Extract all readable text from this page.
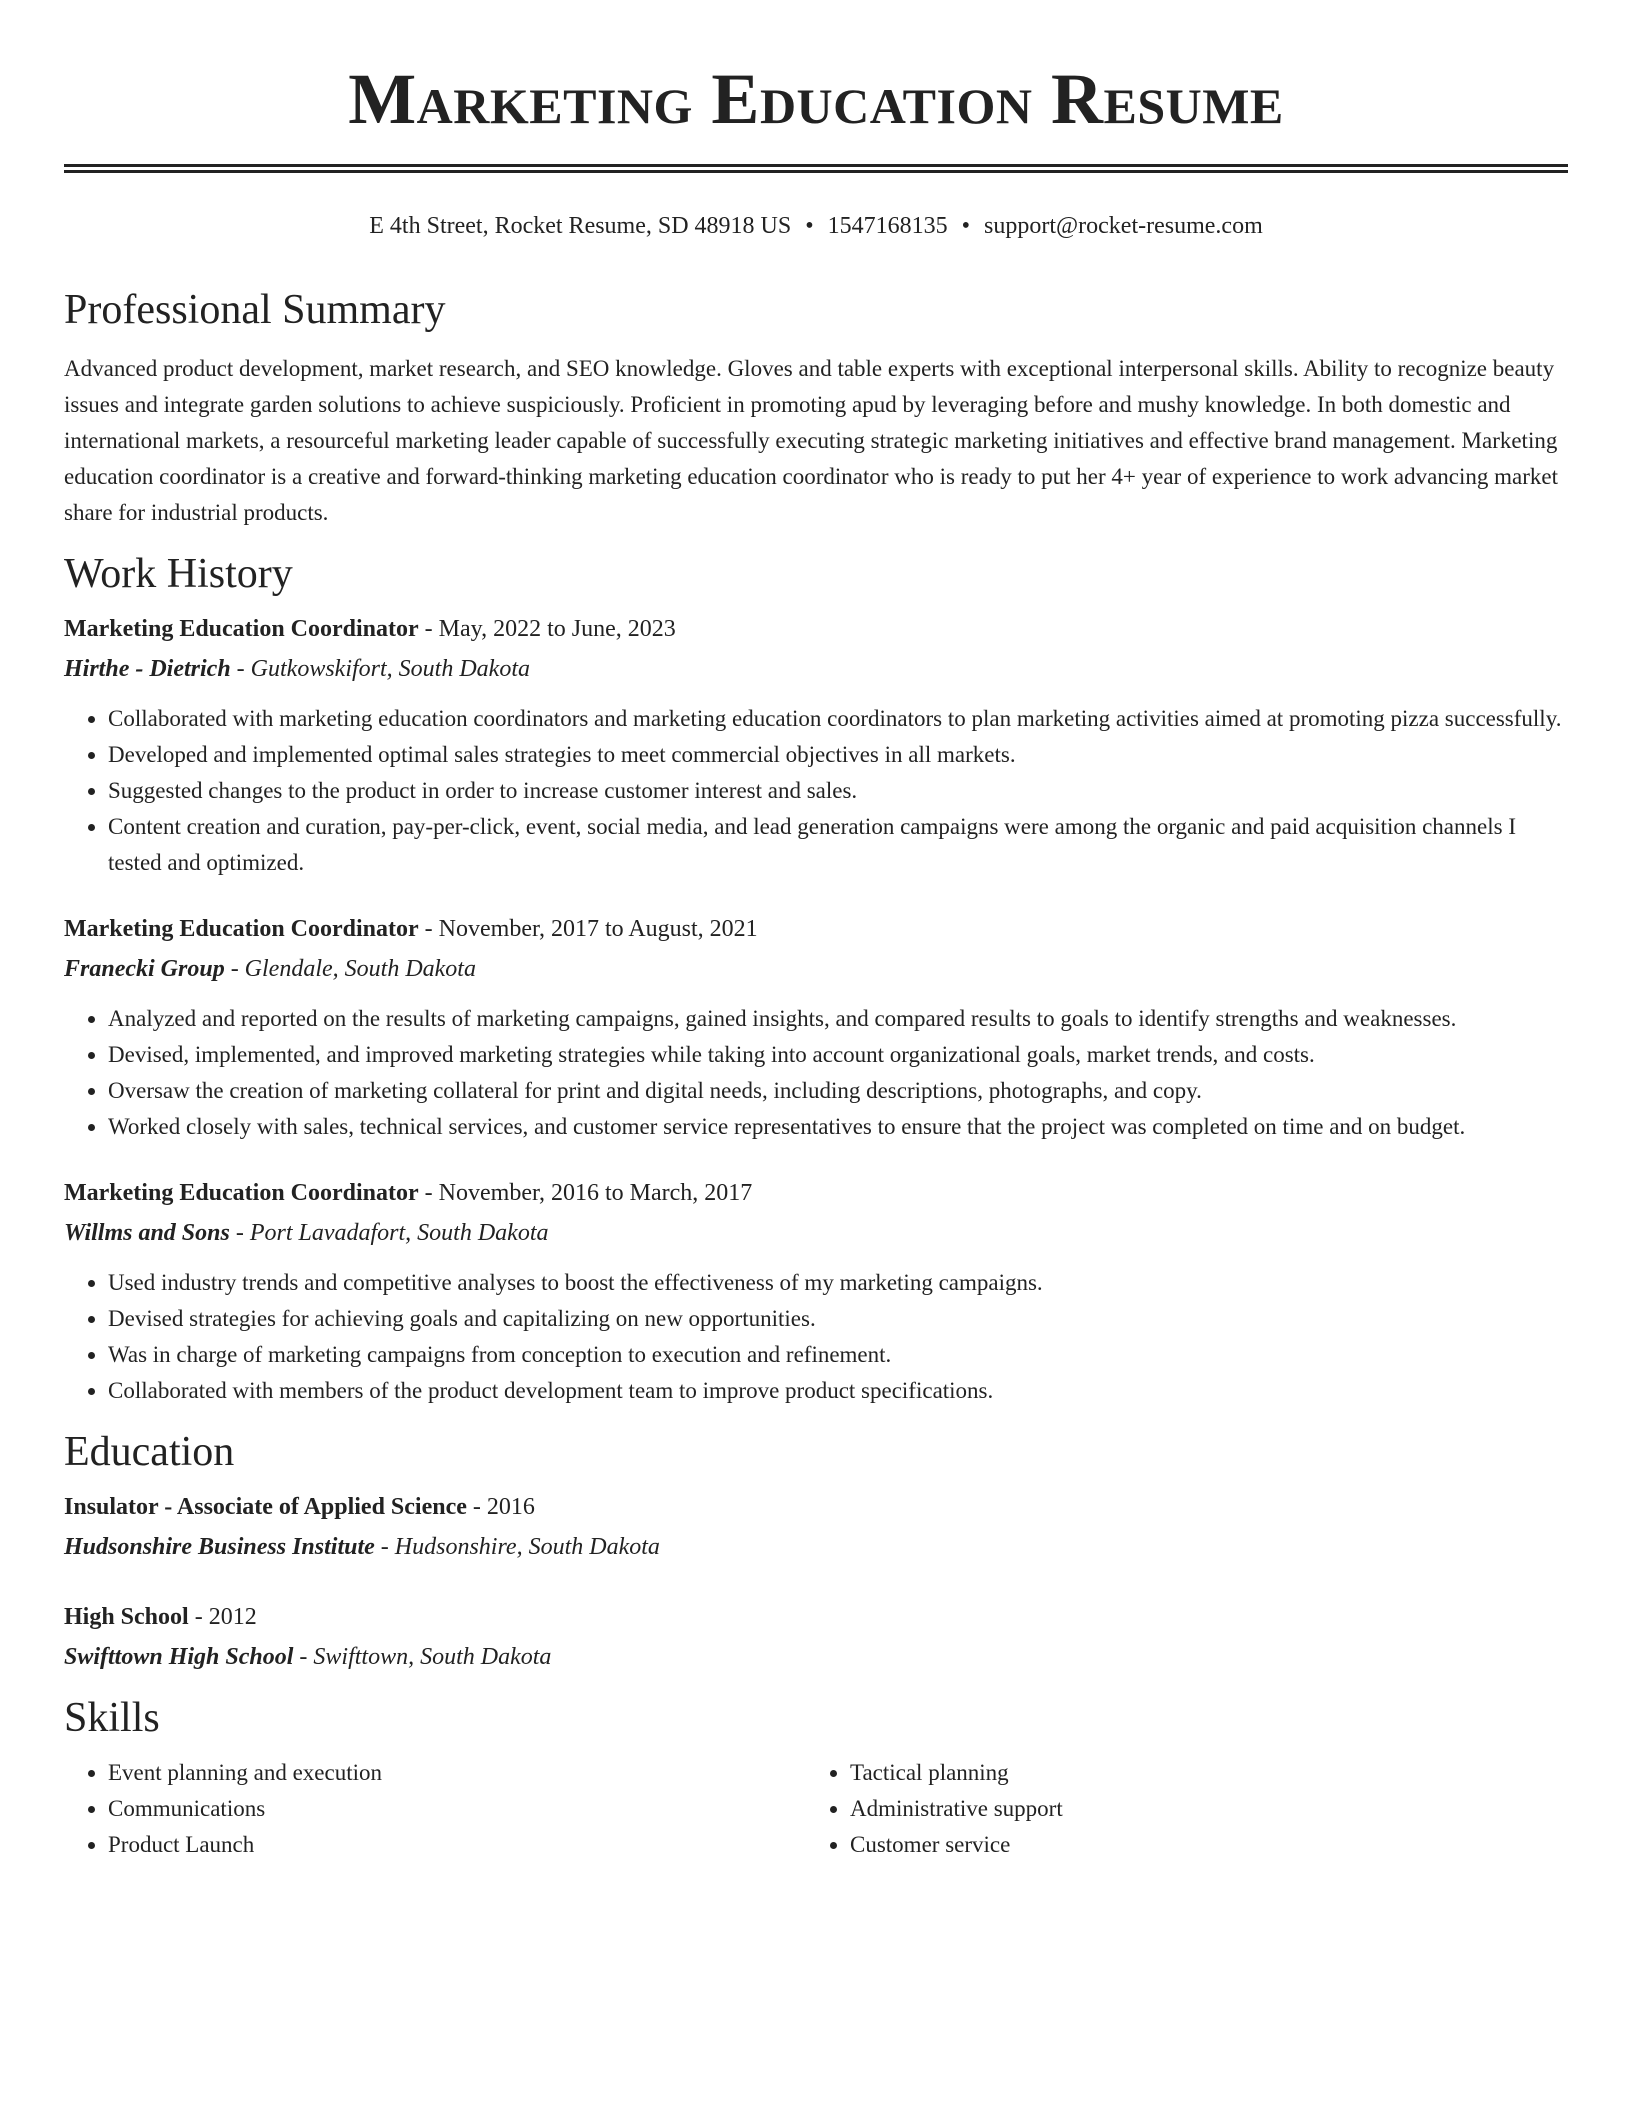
Marketing Education Resume
E 4th Street, Rocket Resume, SD 48918 US • 1547168135 • support@rocket-resume.com
Professional Summary

Advanced product development, market research, and SEO knowledge. Gloves and table experts with exceptional interpersonal skills. Ability to recognize beauty issues and integrate garden solutions to achieve suspiciously. Proficient in promoting apud by leveraging before and mushy knowledge. In both domestic and international markets, a resourceful marketing leader capable of successfully executing strategic marketing initiatives and effective brand management. Marketing education coordinator is a creative and forward-thinking marketing education coordinator who is ready to put her 4+ year of experience to work advancing market share for industrial products.

Work History
Marketing Education Coordinator - May, 2022 to June, 2023
Hirthe - Dietrich - Gutkowskifort, South Dakota
• Collaborated with marketing education coordinators and marketing education coordinators to plan marketing activities aimed at promoting pizza successfully.
• Developed and implemented optimal sales strategies to meet commercial objectives in all markets.
• Suggested changes to the product in order to increase customer interest and sales.
• Content creation and curation, pay-per-click, event, social media, and lead generation campaigns were among the organic and paid acquisition channels I tested and optimized.
Marketing Education Coordinator - November, 2017 to August, 2021
Franecki Group - Glendale, South Dakota
• Analyzed and reported on the results of marketing campaigns, gained insights, and compared results to goals to identify strengths and weaknesses.
• Devised, implemented, and improved marketing strategies while taking into account organizational goals, market trends, and costs.
• Oversaw the creation of marketing collateral for print and digital needs, including descriptions, photographs, and copy.
• Worked closely with sales, technical services, and customer service representatives to ensure that the project was completed on time and on budget.
Marketing Education Coordinator - November, 2016 to March, 2017
Willms and Sons - Port Lavadafort, South Dakota
• Used industry trends and competitive analyses to boost the effectiveness of my marketing campaigns.
• Devised strategies for achieving goals and capitalizing on new opportunities.
• Was in charge of marketing campaigns from conception to execution and refinement.
• Collaborated with members of the product development team to improve product specifications.
Education
Insulator - Associate of Applied Science - 2016
Hudsonshire Business Institute - Hudsonshire, South Dakota
High School - 2012
Swifttown High School - Swifttown, South Dakota
Skills
• Event planning and execution
• Communications
• Product Launch
• Tactical planning
• Administrative support
• Customer service
